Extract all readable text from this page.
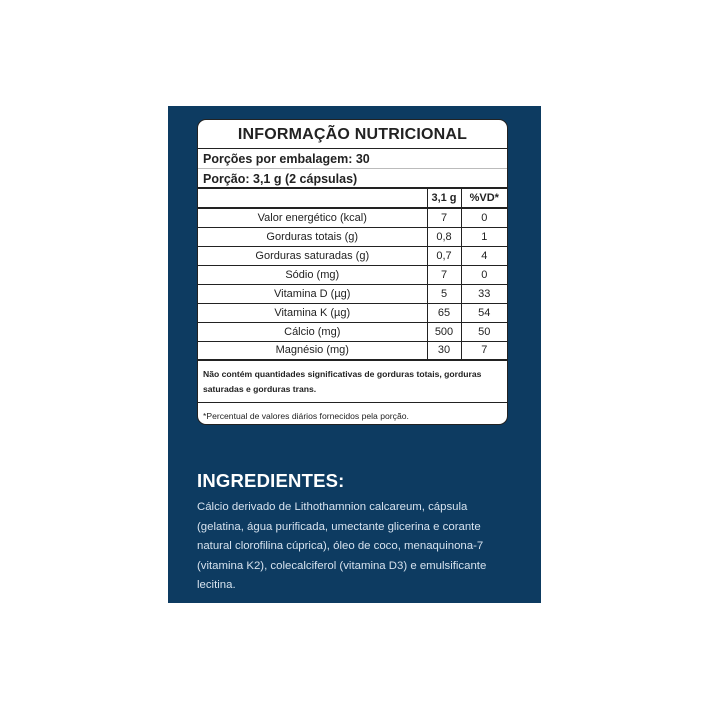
INFORMAÇÃO NUTRICIONAL
Porções por embalagem: 30
Porção: 3,1 g (2 cápsulas)
	3,1 g	%VD*
Valor energético (kcal)	7	0
Gorduras totais (g)	0,8	1
Gorduras saturadas (g)	0,7	4
Sódio (mg)	7	0
Vitamina D (µg)	5	33
Vitamina K (µg)	65	54
Cálcio (mg)	500	50
Magnésio (mg)	30	7
Não contém quantidades significativas de gorduras totais, gorduras saturadas e gorduras trans.
*Percentual de valores diários fornecidos pela porção.
INGREDIENTES:
Cálcio derivado de Lithothamnion calcareum, cápsula (gelatina, água purificada, umectante glicerina e corante natural clorofilina cúprica), óleo de coco, menaquinona-7 (vitamina K2), colecalciferol (vitamina D3) e emulsificante lecitina.
